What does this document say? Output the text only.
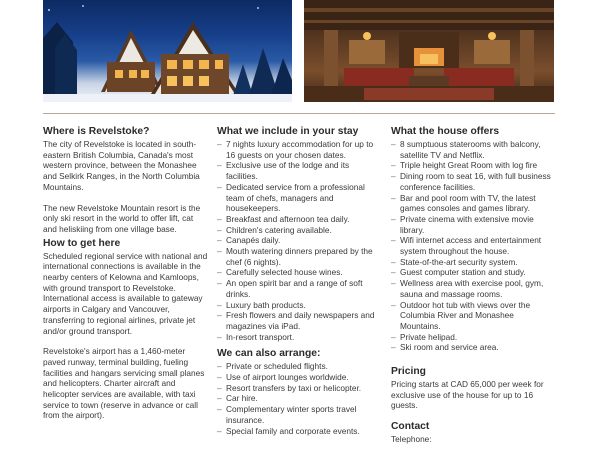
Where is Revelstoke?

The city of Revelstoke is located in south-eastern British Columbia, Canada's most western province, between the Monashee and Selkirk Ranges, in the North Columbia Mountains.

The new Revelstoke Mountain resort is the only ski resort in the world to offer lift, cat and heliskiing from one village base.

How to get here

Scheduled regional service with national and international connections is available in the nearby centers of Kelowna and Kamloops, with ground transport to Revelstoke. International access is available to gateway airports in Calgary and Vancouver, transferring to regional airlines, private jet and/or ground transport.

Revelstoke's airport has a 1,460-meter paved runway, terminal building, fueling facilities and hangars servicing small planes and helicopters. Charter aircraft and helicopter services are available, with taxi service to town (reserve in advance or call from the airport).

What we include in your stay
– 7 nights luxury accommodation for up to 16 guests on your chosen dates.
– Exclusive use of the lodge and its facilities.
– Dedicated service from a professional team of chefs, managers and housekeepers.
– Breakfast and afternoon tea daily.
– Children's catering available.
– Canapés daily.
– Mouth watering dinners prepared by the chef (6 nights).
– Carefully selected house wines.
– An open spirit bar and a range of soft drinks.
– Luxury bath products.
– Fresh flowers and daily newspapers and magazines via iPad.
– In-resort transport.
We can also arrange:
– Private or scheduled flights.
– Use of airport lounges worldwide.
– Resort transfers by taxi or helicopter.
– Car hire.
– Complementary winter sports travel insurance.
– Special family and corporate events.
What the house offers
– 8 sumptuous staterooms with balcony, satellite TV and Netflix.
– Triple height Great Room with log fire
– Dining room to seat 16, with full business conference facilities.
– Bar and pool room with TV, the latest games consoles and games library.
– Private cinema with extensive movie library.
– Wifi internet access and entertainment system throughout the house.
– State-of-the-art security system.
– Guest computer station and study.
– Wellness area with exercise pool, gym, sauna and massage rooms.
– Outdoor hot tub with views over the Columbia River and Monashee Mountains.
– Private helipad.
– Ski room and service area.
Pricing

Pricing starts at CAD 65,000 per week for exclusive use of the house for up to 16 guests.

Contact

Telephone:
